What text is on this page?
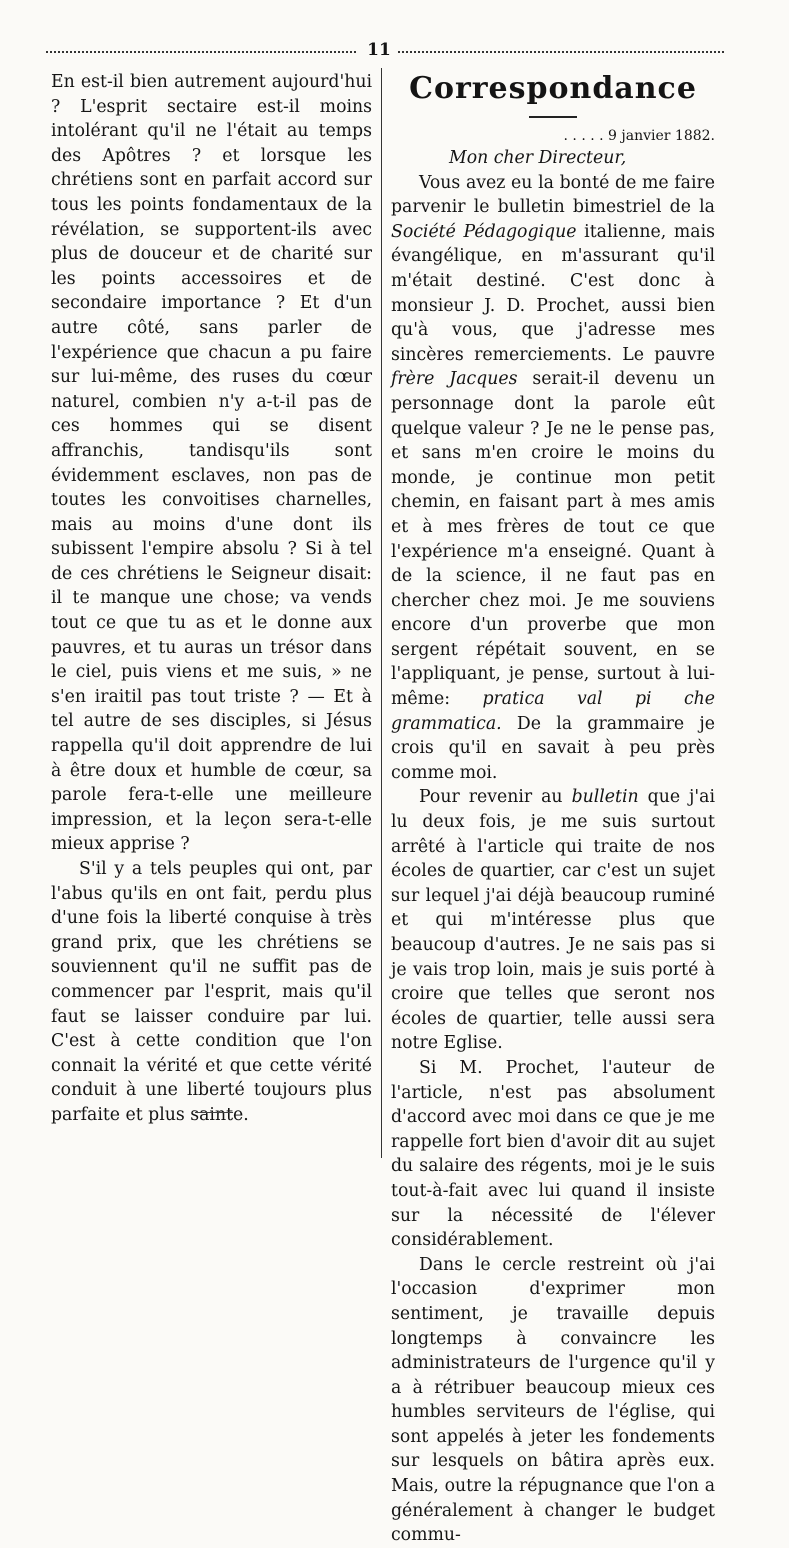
11

En est-il bien autrement aujourd'hui ? L'esprit sectaire est-il moins intolérant qu'il ne l'était au temps des Apôtres ? et lorsque les chrétiens sont en parfait accord sur tous les points fondamentaux de la révélation, se supportent-ils avec plus de douceur et de charité sur les points accessoires et de secondaire importance ? Et d'un autre côté, sans parler de l'expérience que chacun a pu faire sur lui-même, des ruses du cœur naturel, combien n'y a-t-il pas de ces hommes qui se disent affranchis, tandisqu'ils sont évidemment esclaves, non pas de toutes les convoitises charnelles, mais au moins d'une dont ils subissent l'empire absolu ? Si à tel de ces chrétiens le Seigneur disait: il te manque une chose; va vends tout ce que tu as et le donne aux pauvres, et tu auras un trésor dans le ciel, puis viens et me suis, » ne s'en iraitil pas tout triste ? — Et à tel autre de ses disciples, si Jésus rappella qu'il doit apprendre de lui à être doux et humble de cœur, sa parole fera-t-elle une meilleure impression, et la leçon sera-t-elle mieux apprise ?

S'il y a tels peuples qui ont, par l'abus qu'ils en ont fait, perdu plus d'une fois la liberté conquise à très grand prix, que les chrétiens se souviennent qu'il ne suffit pas de commencer par l'esprit, mais qu'il faut se laisser conduire par lui. C'est à cette condition que l'on connait la vérité et que cette vérité conduit à une liberté toujours plus parfaite et plus sainte.

Correspondance

. . . . . 9 janvier 1882.

Mon cher Directeur,

Vous avez eu la bonté de me faire parvenir le bulletin bimestriel de la Société Pédagogique italienne, mais évangélique, en m'assurant qu'il m'était destiné. C'est donc à monsieur J. D. Prochet, aussi bien qu'à vous, que j'adresse mes sincères remerciements. Le pauvre frère Jacques serait-il devenu un personnage dont la parole eût quelque valeur ? Je ne le pense pas, et sans m'en croire le moins du monde, je continue mon petit chemin, en faisant part à mes amis et à mes frères de tout ce que l'expérience m'a enseigné. Quant à de la science, il ne faut pas en chercher chez moi. Je me souviens encore d'un proverbe que mon sergent répétait souvent, en se l'appliquant, je pense, surtout à lui-même: pratica val pi che grammatica. De la grammaire je crois qu'il en savait à peu près comme moi.

Pour revenir au bulletin que j'ai lu deux fois, je me suis surtout arrêté à l'article qui traite de nos écoles de quartier, car c'est un sujet sur lequel j'ai déjà beaucoup ruminé et qui m'intéresse plus que beaucoup d'autres. Je ne sais pas si je vais trop loin, mais je suis porté à croire que telles que seront nos écoles de quartier, telle aussi sera notre Eglise.

Si M. Prochet, l'auteur de l'article, n'est pas absolument d'accord avec moi dans ce que je me rappelle fort bien d'avoir dit au sujet du salaire des régents, moi je le suis tout-à-fait avec lui quand il insiste sur la nécessité de l'élever considérablement.

Dans le cercle restreint où j'ai l'occasion d'exprimer mon sentiment, je travaille depuis longtemps à convaincre les administrateurs de l'urgence qu'il y a à rétribuer beaucoup mieux ces humbles serviteurs de l'église, qui sont appelés à jeter les fondements sur lesquels on bâtira après eux. Mais, outre la répugnance que l'on a généralement à changer le budget commu-
